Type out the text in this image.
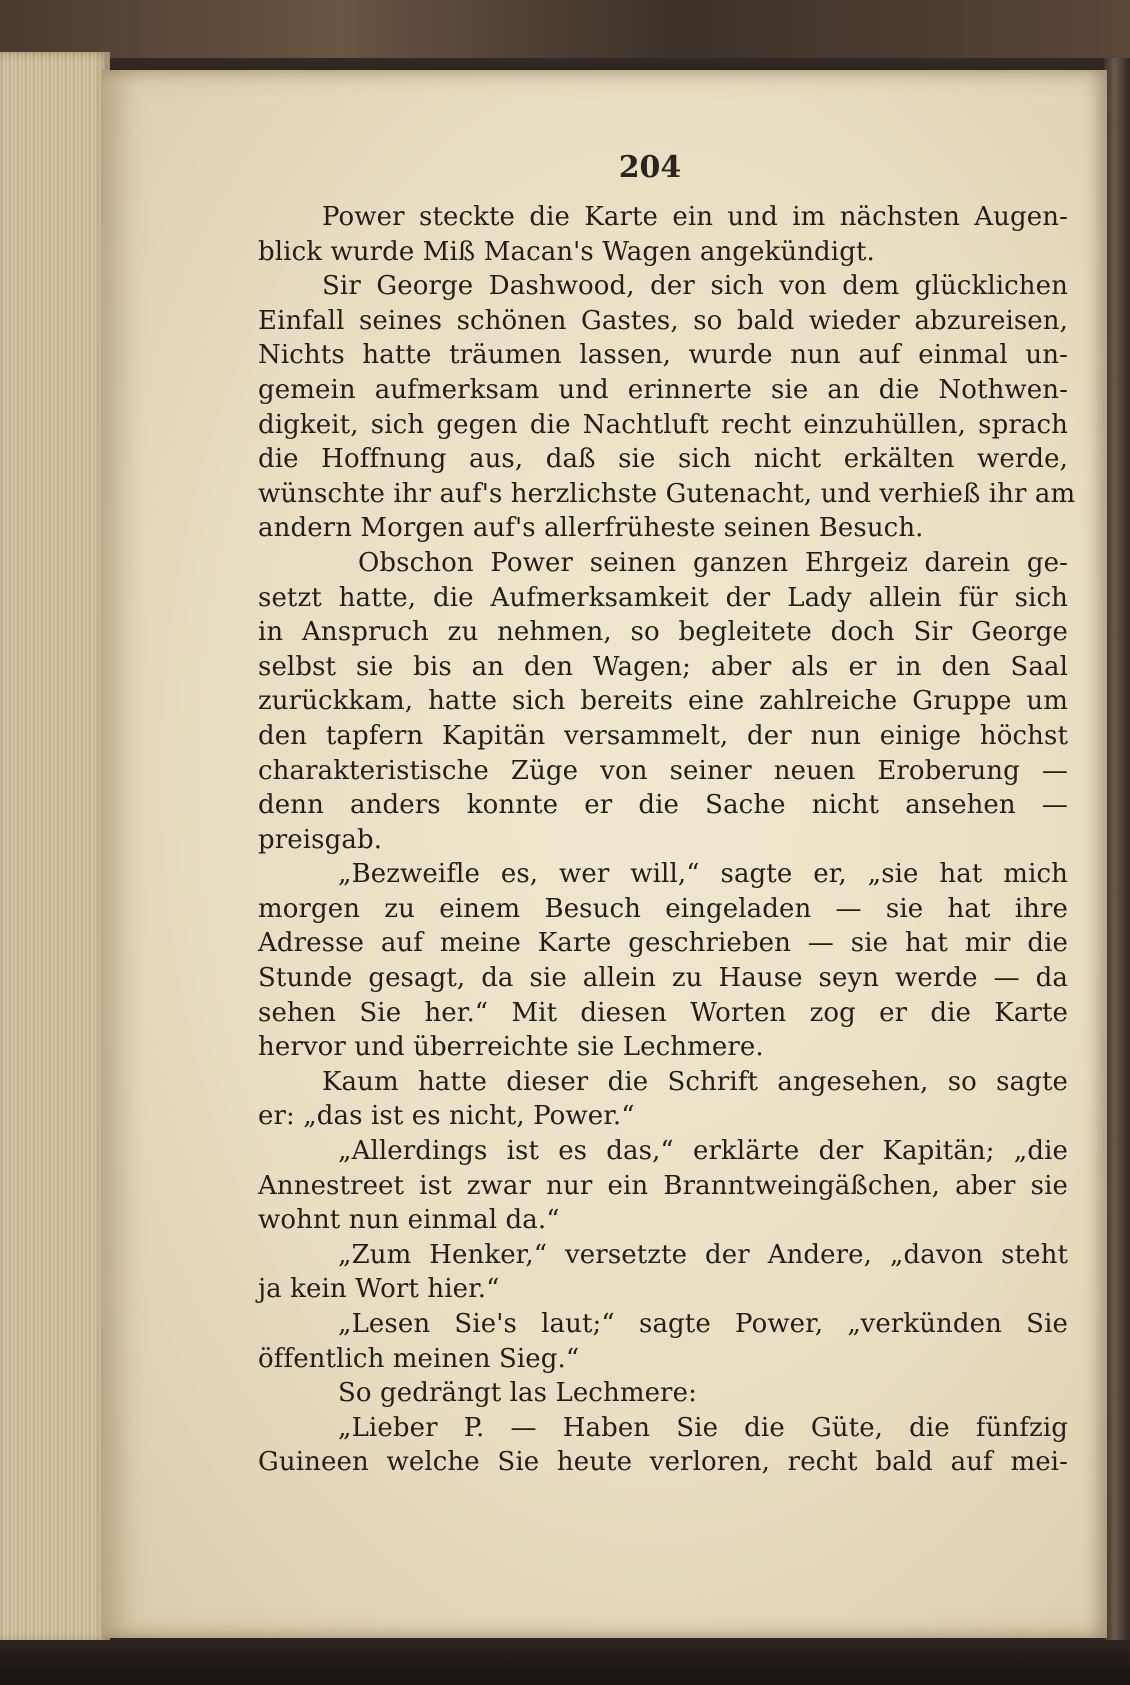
204
Power steckte die Karte ein und im nächsten Augen-
blick wurde Miß Macan's Wagen angekündigt.
Sir George Dashwood, der sich von dem glücklichen
Einfall seines schönen Gastes, so bald wieder abzureisen,
Nichts hatte träumen lassen, wurde nun auf einmal un-
gemein aufmerksam und erinnerte sie an die Nothwen-
digkeit, sich gegen die Nachtluft recht einzuhüllen, sprach
die Hoffnung aus, daß sie sich nicht erkälten werde,
wünschte ihr auf's herzlichste Gutenacht, und verhieß ihr am
andern Morgen auf's allerfrüheste seinen Besuch.
Obschon Power seinen ganzen Ehrgeiz darein ge-
setzt hatte, die Aufmerksamkeit der Lady allein für sich
in Anspruch zu nehmen, so begleitete doch Sir George
selbst sie bis an den Wagen; aber als er in den Saal
zurückkam, hatte sich bereits eine zahlreiche Gruppe um
den tapfern Kapitän versammelt, der nun einige höchst
charakteristische Züge von seiner neuen Eroberung —
denn anders konnte er die Sache nicht ansehen —
preisgab.
„Bezweifle es, wer will,“ sagte er, „sie hat mich
morgen zu einem Besuch eingeladen — sie hat ihre
Adresse auf meine Karte geschrieben — sie hat mir die
Stunde gesagt, da sie allein zu Hause seyn werde — da
sehen Sie her.“ Mit diesen Worten zog er die Karte
hervor und überreichte sie Lechmere.
Kaum hatte dieser die Schrift angesehen, so sagte
er: „das ist es nicht, Power.“
„Allerdings ist es das,“ erklärte der Kapitän; „die
Annestreet ist zwar nur ein Branntweingäßchen, aber sie
wohnt nun einmal da.“
„Zum Henker,“ versetzte der Andere, „davon steht
ja kein Wort hier.“
„Lesen Sie's laut;“ sagte Power, „verkünden Sie
öffentlich meinen Sieg.“
So gedrängt las Lechmere:
„Lieber P. — Haben Sie die Güte, die fünfzig
Guineen welche Sie heute verloren, recht bald auf mei-
